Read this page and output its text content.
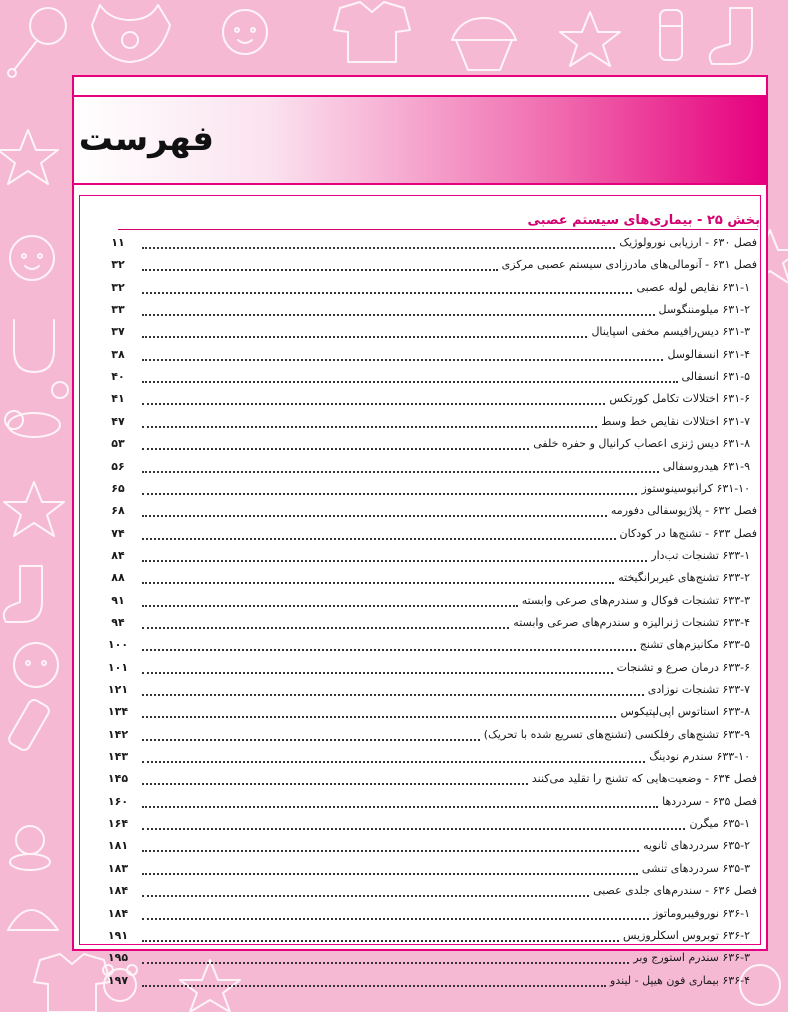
فهرست
بخش ۲۵ - بیماری‌های سیستم عصبی
فصل ۶۳۰ - ارزیابی نورولوژیک
۱۱
فصل ۶۳۱ - آنومالی‌های مادرزادی سیستم عصبی مرکزی
۳۲
۶۳۱-۱ نقایص لوله عصبی
۳۲
۶۳۱-۲ میلومننگوسل
۳۳
۶۳۱-۳ دیس‌رافیسم مخفی اسپاینال
۳۷
۶۳۱-۴ انسفالوسل
۳۸
۶۳۱-۵ انسفالی
۴۰
۶۳۱-۶ اختلالات تکامل کورتکس
۴۱
۶۳۱-۷ اختلالات نقایص خط وسط
۴۷
۶۳۱-۸ دیس ژنزی اعصاب کرانیال و حفره خلفی
۵۳
۶۳۱-۹ هیدروسفالی
۵۶
۶۳۱-۱۰ کرانیوسینوستوز
۶۵
فصل ۶۳۲ - پلاژیوسفالی دفورمه
۶۸
فصل ۶۳۳ - تشنج‌ها در کودکان
۷۴
۶۳۳-۱ تشنجات تب‌دار
۸۴
۶۳۳-۲ تشنج‌های غیربرانگیخته
۸۸
۶۳۳-۳ تشنجات فوکال و سندرم‌های صرعی وابسته
۹۱
۶۳۳-۴ تشنجات ژنرالیزه و سندرم‌های صرعی وابسته
۹۴
۶۳۳-۵ مکانیزم‌های تشنج
۱۰۰
۶۳۳-۶ درمان صرع و تشنجات
۱۰۱
۶۳۳-۷ تشنجات نوزادی
۱۲۱
۶۳۳-۸ استاتوس اپی‌لپتیکوس
۱۳۴
۶۳۳-۹ تشنج‌های رفلکسی (تشنج‌های تسریع شده با تحریک)
۱۴۲
۶۳۳-۱۰ سندرم نودینگ
۱۴۳
فصل ۶۳۴ - وضعیت‌هایی که تشنج را تقلید می‌کنند
۱۴۵
فصل ۶۳۵ - سردردها
۱۶۰
۶۳۵-۱ میگرن
۱۶۴
۶۳۵-۲ سردردهای ثانویه
۱۸۱
۶۳۵-۳ سردردهای تنشی
۱۸۳
فصل ۶۳۶ - سندرم‌های جلدی عصبی
۱۸۴
۶۳۶-۱ نوروفیبروماتوز
۱۸۴
۶۳۶-۲ توبروس اسکلروزیس
۱۹۱
۶۳۶-۳ سندرم استورج وبر
۱۹۵
۶۳۶-۴ بیماری فون هیپل - لیندو
۱۹۷
